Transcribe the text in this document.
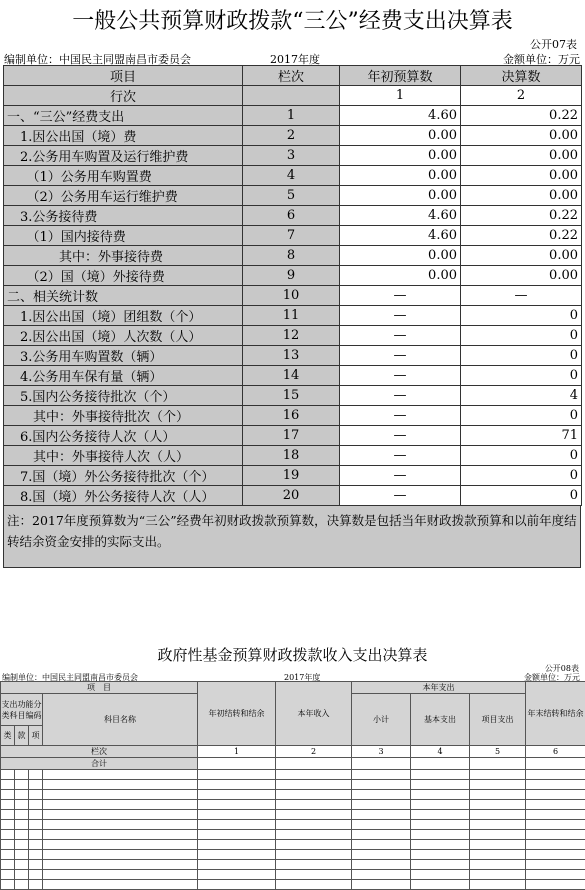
一般公共预算财政拨款“三公”经费支出决算表
公开07表
编制单位：中国民主同盟南昌市委员会	2017年度	金额单位：万元
项目	栏次	年初预算数	决算数
行次		1	2
一、“三公”经费支出	1	4.60	0.22
　1.因公出国（境）费	2	0.00	0.00
　2.公务用车购置及运行维护费	3	0.00	0.00
　　（1）公务用车购置费	4	0.00	0.00
　　（2）公务用车运行维护费	5	0.00	0.00
　3.公务接待费	6	4.60	0.22
　　（1）国内接待费	7	4.60	0.22
　　　　其中：外事接待费	8	0.00	0.00
　　（2）国（境）外接待费	9	0.00	0.00
二、相关统计数	10	—	—
　1.因公出国（境）团组数（个）	11	—	0
　2.因公出国（境）人次数（人）	12	—	0
　3.公务用车购置数（辆）	13	—	0
　4.公务用车保有量（辆）	14	—	0
　5.国内公务接待批次（个）	15	—	4
　　其中：外事接待批次（个）	16	—	0
　6.国内公务接待人次（人）	17	—	71
　　其中：外事接待人次（人）	18	—	0
　7.国（境）外公务接待批次（个）	19	—	0
　8.国（境）外公务接待人次（人）	20	—	0
注：2017年度预算数为“三公”经费年初财政拨款预算数，决算数是包括当年财政拨款预算和以前年度结转结余资金安排的实际支出。
政府性基金预算财政拨款收入支出决算表
公开08表
编制单位：中国民主同盟南昌市委员会	2017年度	金额单位：万元
项　目				年初结转和结余	本年收入	本年支出			年末结转和结余
支出功能分类科目编码			科目名称			小计	基本支出	项目支出	
类	款	项							
栏次				1	2	3	4	5	6
合计									
